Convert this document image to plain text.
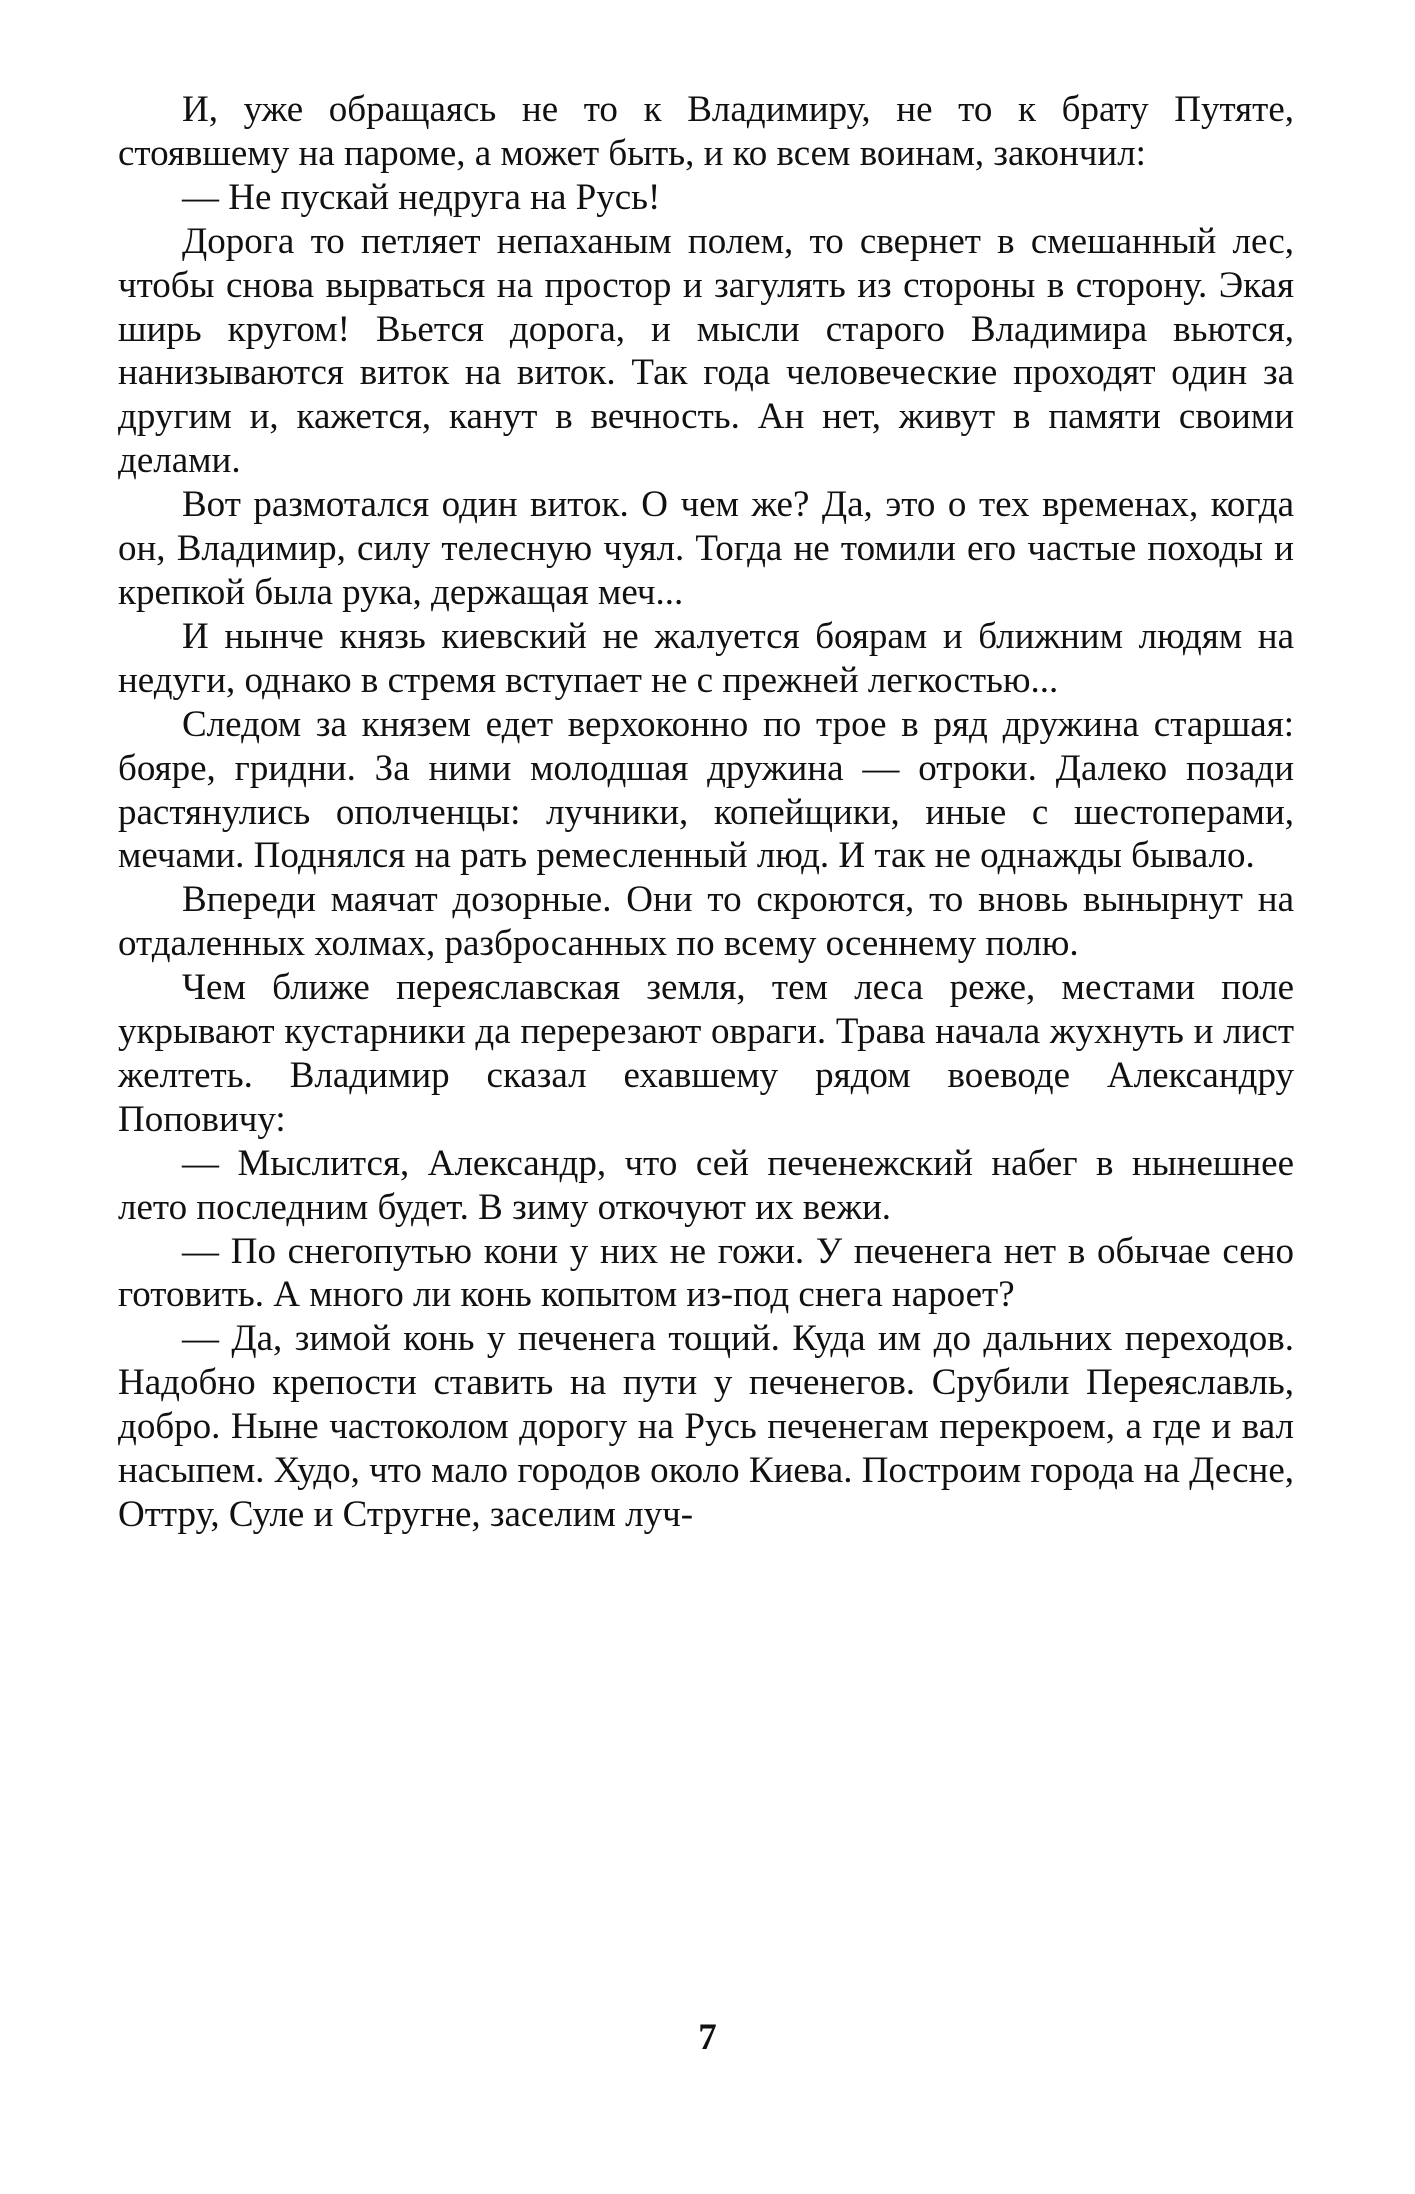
И, уже обращаясь не то к Владимиру, не то к брату Путяте, стоявшему на пароме, а может быть, и ко всем воинам, закончил:

— Не пускай недруга на Русь!

Дорога то петляет непаханым полем, то свернет в смешанный лес, чтобы снова вырваться на простор и загулять из стороны в сторону. Экая ширь кругом! Вьется дорога, и мысли старого Владимира вьются, нанизываются виток на виток. Так года человеческие проходят один за другим и, кажется, канут в вечность. Ан нет, живут в памяти своими делами.

Вот размотался один виток. О чем же? Да, это о тех временах, когда он, Владимир, силу телесную чуял. Тогда не томили его частые походы и крепкой была рука, держащая меч...

И нынче князь киевский не жалуется боярам и ближним людям на недуги, однако в стремя вступает не с прежней легкостью...

Следом за князем едет верхоконно по трое в ряд дружина старшая: бояре, гридни. За ними молодшая дружина — отроки. Далеко позади растянулись ополченцы: лучники, копейщики, иные с шестоперами, мечами. Поднялся на рать ремесленный люд. И так не однажды бывало.

Впереди маячат дозорные. Они то скроются, то вновь вынырнут на отдаленных холмах, разбросанных по всему осеннему полю.

Чем ближе переяславская земля, тем леса реже, местами поле укрывают кустарники да перерезают овраги. Трава начала жухнуть и лист желтеть. Владимир сказал ехавшему рядом воеводе Александру Поповичу:

— Мыслится, Александр, что сей печенежский набег в нынешнее лето последним будет. В зиму откочуют их вежи.

— По снегопутью кони у них не гожи. У печенега нет в обычае сено готовить. А много ли конь копытом из-под снега нароет?

— Да, зимой конь у печенега тощий. Куда им до дальних переходов. Надобно крепости ставить на пути у печенегов. Срубили Переяславль, добро. Ныне частоколом дорогу на Русь печенегам перекроем, а где и вал насыпем. Худо, что мало городов около Киева. Построим города на Десне, Оттру, Суле и Стругне, заселим луч-

7
